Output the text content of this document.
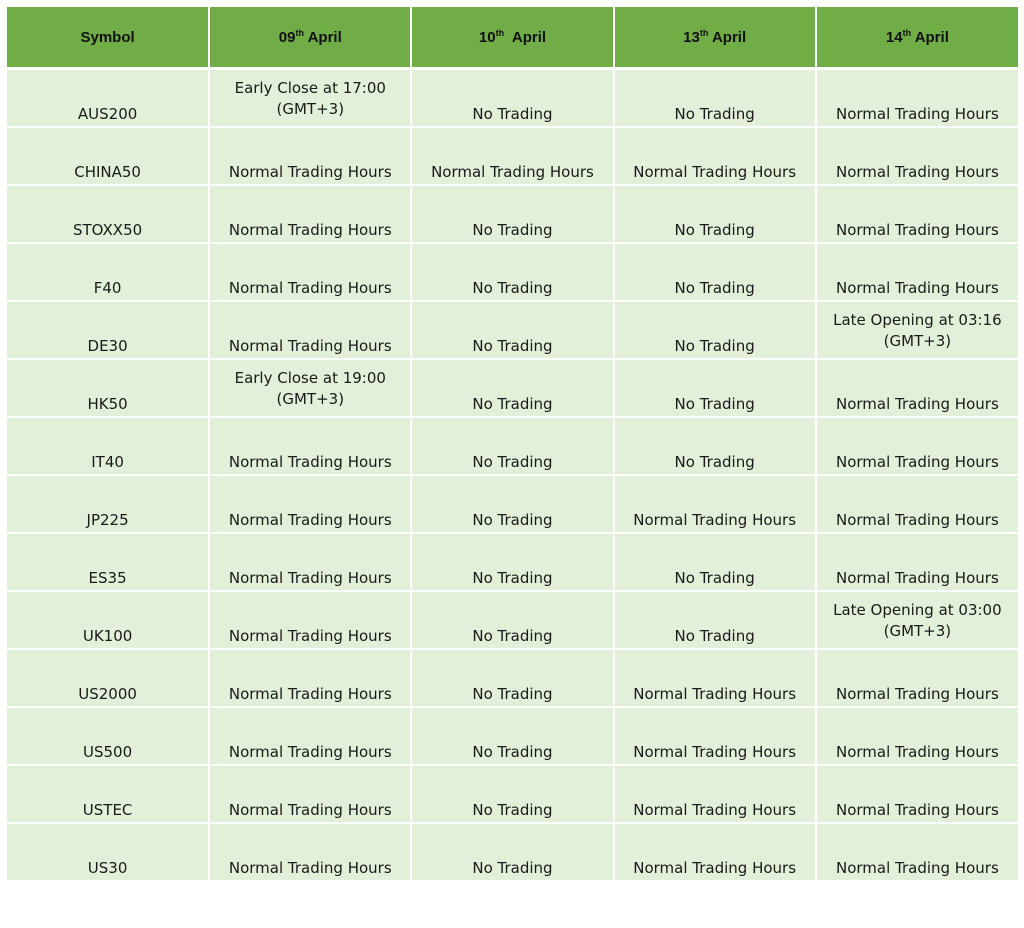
Symbol	09th April	10th  April	13th April	14th April

AUS200	Early Close at 17:00
(GMT+3)	No Trading	No Trading	Normal Trading Hours

CHINA50	Normal Trading Hours	Normal Trading Hours	Normal Trading Hours	Normal Trading Hours

STOXX50	Normal Trading Hours	No Trading	No Trading	Normal Trading Hours

F40	Normal Trading Hours	No Trading	No Trading	Normal Trading Hours

DE30	Normal Trading Hours	No Trading	No Trading	Late Opening at 03:16
(GMT+3)

HK50	Early Close at 19:00
(GMT+3)	No Trading	No Trading	Normal Trading Hours

IT40	Normal Trading Hours	No Trading	No Trading	Normal Trading Hours

JP225	Normal Trading Hours	No Trading	Normal Trading Hours	Normal Trading Hours

ES35	Normal Trading Hours	No Trading	No Trading	Normal Trading Hours

UK100	Normal Trading Hours	No Trading	No Trading	Late Opening at 03:00
(GMT+3)

US2000	Normal Trading Hours	No Trading	Normal Trading Hours	Normal Trading Hours

US500	Normal Trading Hours	No Trading	Normal Trading Hours	Normal Trading Hours

USTEC	Normal Trading Hours	No Trading	Normal Trading Hours	Normal Trading Hours

US30	Normal Trading Hours	No Trading	Normal Trading Hours	Normal Trading Hours
